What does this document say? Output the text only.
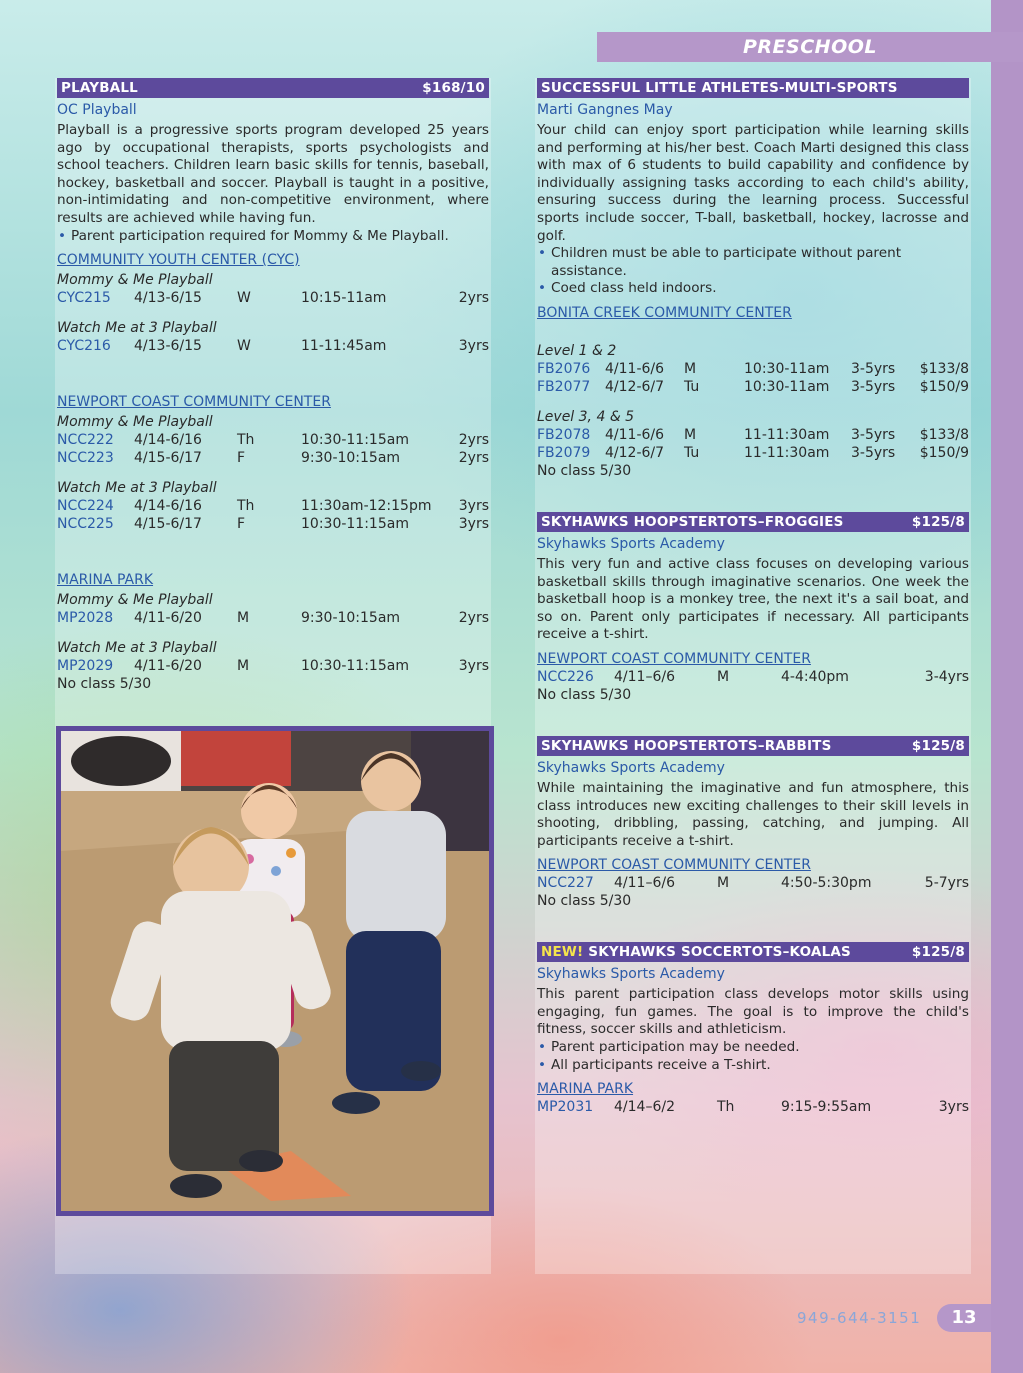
PRESCHOOL
PLAYBALL	$168/10
OC Playball
Playball is a progressive sports program developed 25 years ago by occupational therapists, sports psychologists and school teachers. Children learn basic skills for tennis, baseball, hockey, basketball and soccer. Playball is taught in a positive, non-intimidating and non-competitive environment, where results are achieved while having fun.
• Parent participation required for Mommy & Me Playball.
COMMUNITY YOUTH CENTER (CYC)
Mommy & Me Playball
CYC215 4/13-6/15	W	10:15-11am	2yrs
Watch Me at 3 Playball
CYC216 4/13-6/15	W	11-11:45am	3yrs
NEWPORT COAST COMMUNITY CENTER
Mommy & Me Playball
NCC222 4/14-6/16	Th	10:30-11:15am	2yrs
NCC223 4/15-6/17	F	9:30-10:15am	2yrs
Watch Me at 3 Playball
NCC224 4/14-6/16	Th	11:30am-12:15pm 3yrs
NCC225 4/15-6/17	F	10:30-11:15am	3yrs
MARINA PARK
Mommy & Me Playball
MP2028 4/11-6/20	M	9:30-10:15am	2yrs
Watch Me at 3 Playball
MP2029 4/11-6/20	M	10:30-11:15am	3yrs
No class 5/30
SUCCESSFUL LITTLE ATHLETES-MULTI-SPORTS
Marti Gangnes May
Your child can enjoy sport participation while learning skills and performing at his/her best. Coach Marti designed this class with max of 6 students to build capability and confidence by individually assigning tasks according to each child's ability, ensuring success during the learning process. Successful sports include soccer, T-ball, basketball, hockey, lacrosse and golf.
• Children must be able to participate without parent assistance.
• Coed class held indoors.
BONITA CREEK COMMUNITY CENTER
Level 1 & 2
FB2076 4/11-6/6 M	10:30-11am 3-5yrs $133/8
FB2077 4/12-6/7 Tu	10:30-11am 3-5yrs $150/9
Level 3, 4 & 5
FB2078 4/11-6/6 M	11-11:30am 3-5yrs $133/8
FB2079 4/12-6/7 Tu	11-11:30am 3-5yrs $150/9
No class 5/30
SKYHAWKS HOOPSTERTOTS–FROGGIES	$125/8
Skyhawks Sports Academy
This very fun and active class focuses on developing various basketball skills through imaginative scenarios. One week the basketball hoop is a monkey tree, the next it's a sail boat, and so on. Parent only participates if necessary. All participants receive a t-shirt.
NEWPORT COAST COMMUNITY CENTER
NCC226 4/11–6/6	M	4-4:40pm	3-4yrs
No class 5/30
SKYHAWKS HOOPSTERTOTS–RABBITS	$125/8
Skyhawks Sports Academy
While maintaining the imaginative and fun atmosphere, this class introduces new exciting challenges to their skill levels in shooting, dribbling, passing, catching, and jumping. All participants receive a t-shirt.
NEWPORT COAST COMMUNITY CENTER
NCC227 4/11–6/6	M	4:50-5:30pm	5-7yrs
No class 5/30
NEW! SKYHAWKS SOCCERTOTS–KOALAS	$125/8
Skyhawks Sports Academy
This parent participation class develops motor skills using engaging, fun games. The goal is to improve the child's fitness, soccer skills and athleticism.
• Parent participation may be needed.
• All participants receive a T-shirt.
MARINA PARK
MP2031 4/14–6/2	Th	9:15-9:55am	3yrs
949-644-3151	13
